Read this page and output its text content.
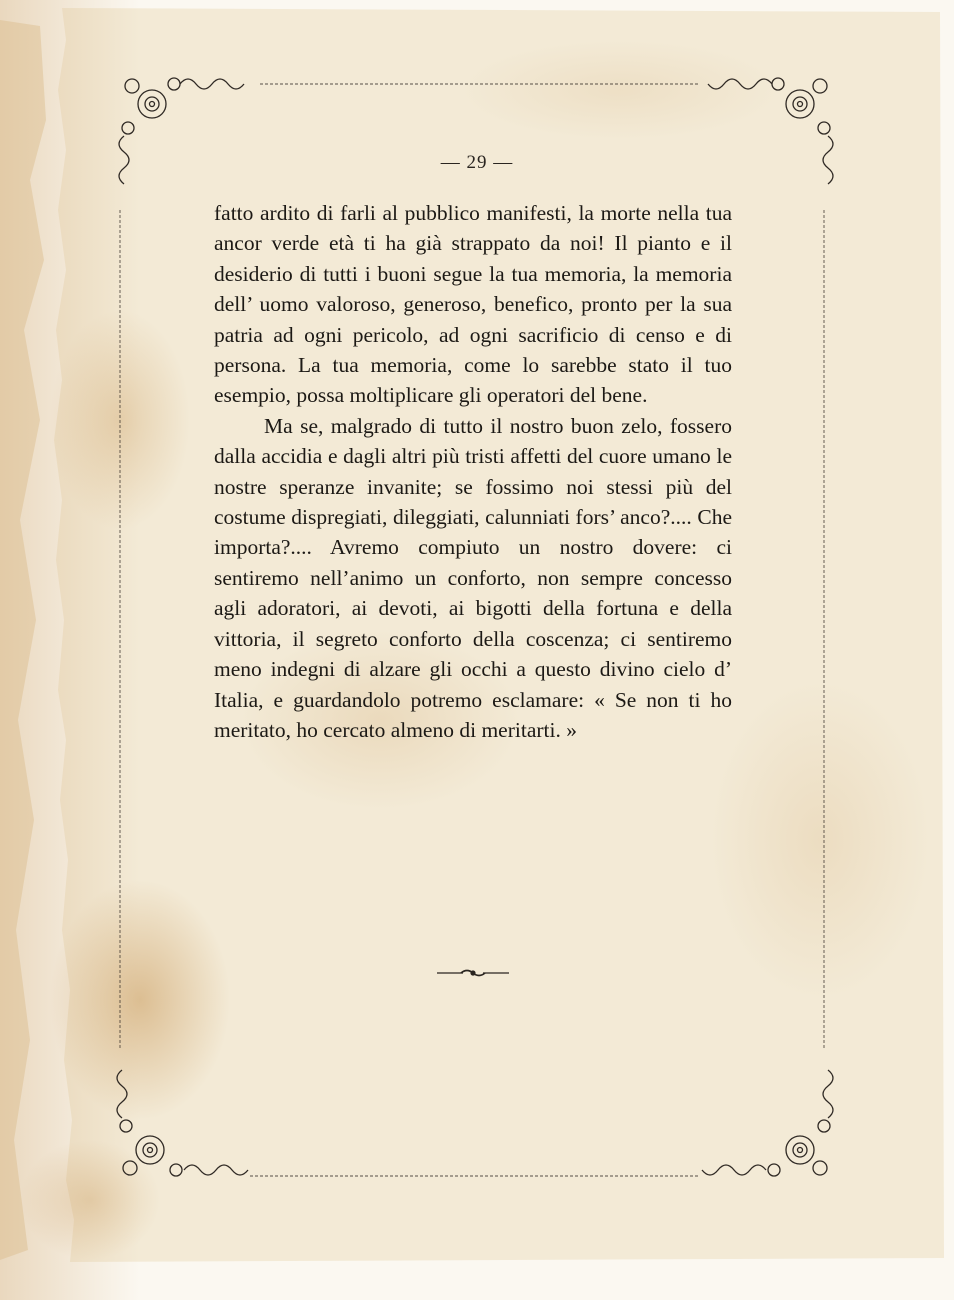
— 29 —

fatto ardito di farli al pubblico manifesti, la morte nella tua ancor verde età ti ha già strappato da noi! Il pianto e il desiderio di tutti i buoni segue la tua memoria, la memoria dell’ uomo valoroso, generoso, benefico, pronto per la sua patria ad ogni pericolo, ad ogni sacrificio di censo e di persona. La tua memoria, come lo sarebbe stato il tuo esempio, possa moltiplicare gli operatori del bene.

Ma se, malgrado di tutto il nostro buon zelo, fossero dalla accidia e dagli altri più tristi affetti del cuore umano le nostre speranze invanite; se fossimo noi stessi più del costume dispregiati, dileggiati, calunniati fors’ anco?.... Che importa?.... Avremo compiuto un nostro dovere: ci sentiremo nell’animo un conforto, non sempre concesso agli adoratori, ai devoti, ai bigotti della fortuna e della vittoria, il segreto conforto della coscenza; ci sentiremo meno indegni di alzare gli occhi a questo divino cielo d’ Italia, e guardandolo potremo esclamare: « Se non ti ho meritato, ho cercato almeno di meritarti. »
